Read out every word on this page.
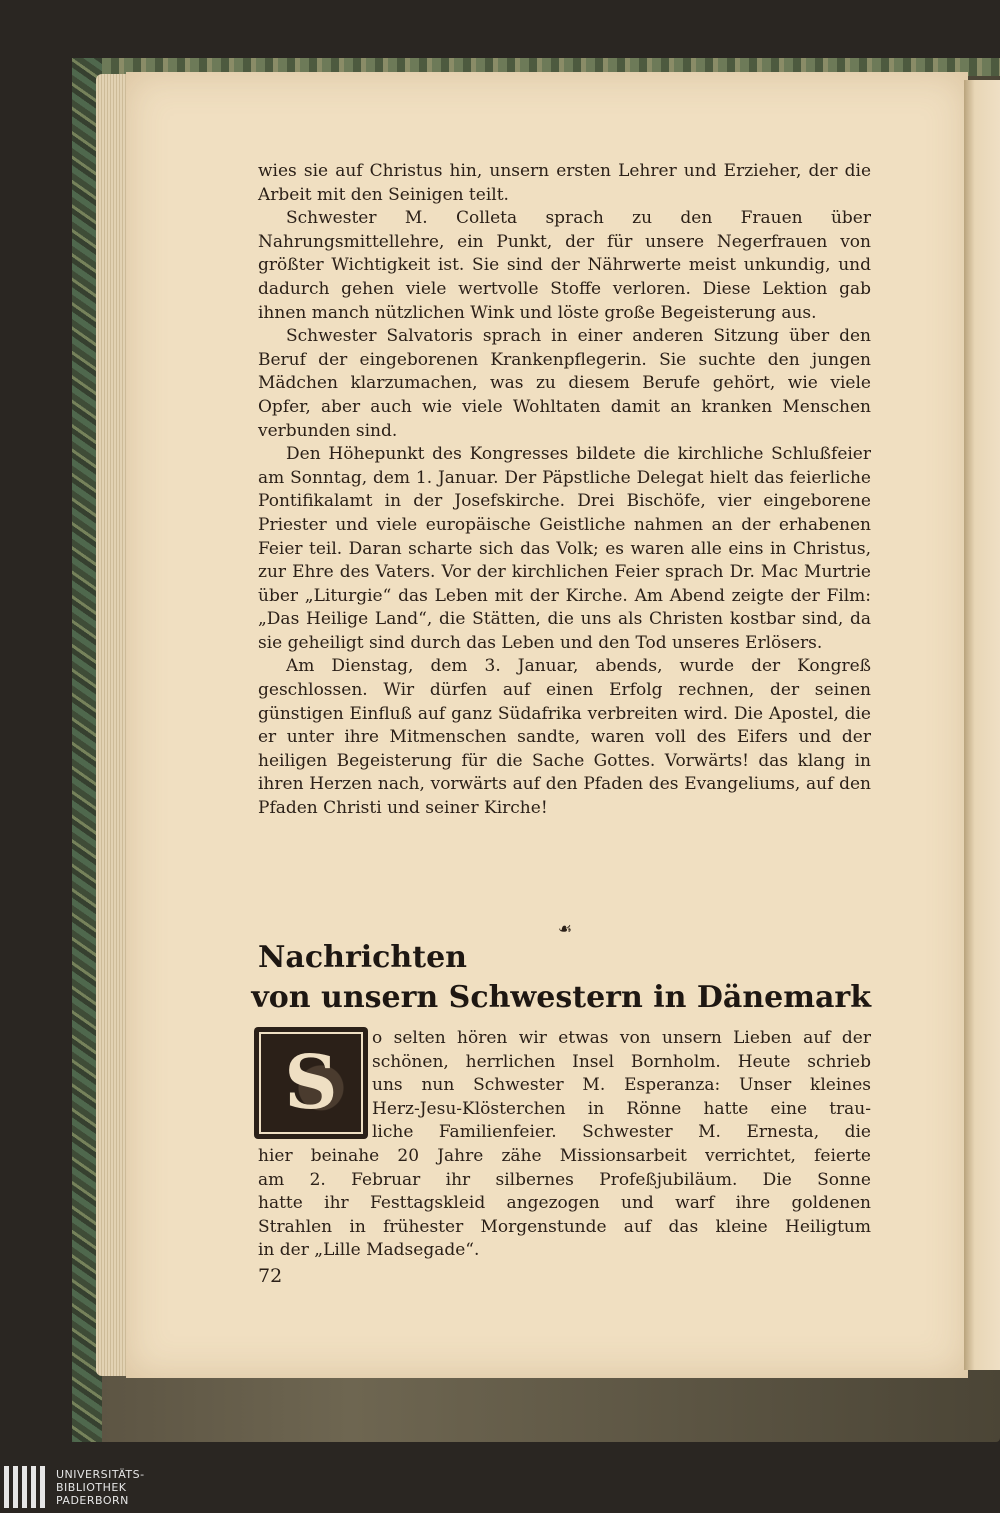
wies sie auf Christus hin, unsern ersten Lehrer und Erzieher, der die Arbeit mit den Seinigen teilt.

Schwester M. Colleta sprach zu den Frauen über Nahrungsmittellehre, ein Punkt, der für unsere Negerfrauen von größter Wichtigkeit ist. Sie sind der Nährwerte meist unkundig, und dadurch gehen viele wertvolle Stoffe verloren. Diese Lektion gab ihnen manch nützlichen Wink und löste große Begeisterung aus.

Schwester Salvatoris sprach in einer anderen Sitzung über den Beruf der eingeborenen Krankenpflegerin. Sie suchte den jungen Mädchen klarzumachen, was zu diesem Berufe gehört, wie viele Opfer, aber auch wie viele Wohltaten damit an kranken Menschen verbunden sind.

Den Höhepunkt des Kongresses bildete die kirchliche Schlußfeier am Sonntag, dem 1. Januar. Der Päpstliche Delegat hielt das feierliche Pontifikalamt in der Josefskirche. Drei Bischöfe, vier eingeborene Priester und viele europäische Geistliche nahmen an der erhabenen Feier teil. Daran scharte sich das Volk; es waren alle eins in Christus, zur Ehre des Vaters. Vor der kirchlichen Feier sprach Dr. Mac Murtrie über „Liturgie“ das Leben mit der Kirche. Am Abend zeigte der Film: „Das Heilige Land“, die Stätten, die uns als Christen kostbar sind, da sie geheiligt sind durch das Leben und den Tod unseres Erlösers.

Am Dienstag, dem 3. Januar, abends, wurde der Kongreß geschlossen. Wir dürfen auf einen Erfolg rechnen, der seinen günstigen Einfluß auf ganz Südafrika verbreiten wird. Die Apostel, die er unter ihre Mitmenschen sandte, waren voll des Eifers und der heiligen Begeisterung für die Sache Gottes. Vorwärts! das klang in ihren Herzen nach, vorwärts auf den Pfaden des Evangeliums, auf den Pfaden Christi und seiner Kirche!

☙
Nachrichten
von unsern Schwestern in Dänemark
o selten hören wir etwas von unsern Lieben auf der
schönen, herrlichen Insel Bornholm. Heute schrieb
uns nun Schwester M. Esperanza: Unser kleines
Herz-Jesu-Klösterchen in Rönne hatte eine trau-
liche Familienfeier. Schwester M. Ernesta, die
hier beinahe 20 Jahre zähe Missionsarbeit verrichtet, feierte
am 2. Februar ihr silbernes Profeßjubiläum. Die Sonne
hatte ihr Festtagskleid angezogen und warf ihre goldenen
Strahlen in frühester Morgenstunde auf das kleine Heiligtum
in der „Lille Madsegade“.
S
72
UNIVERSITÄTS-
BIBLIOTHEK
PADERBORN
